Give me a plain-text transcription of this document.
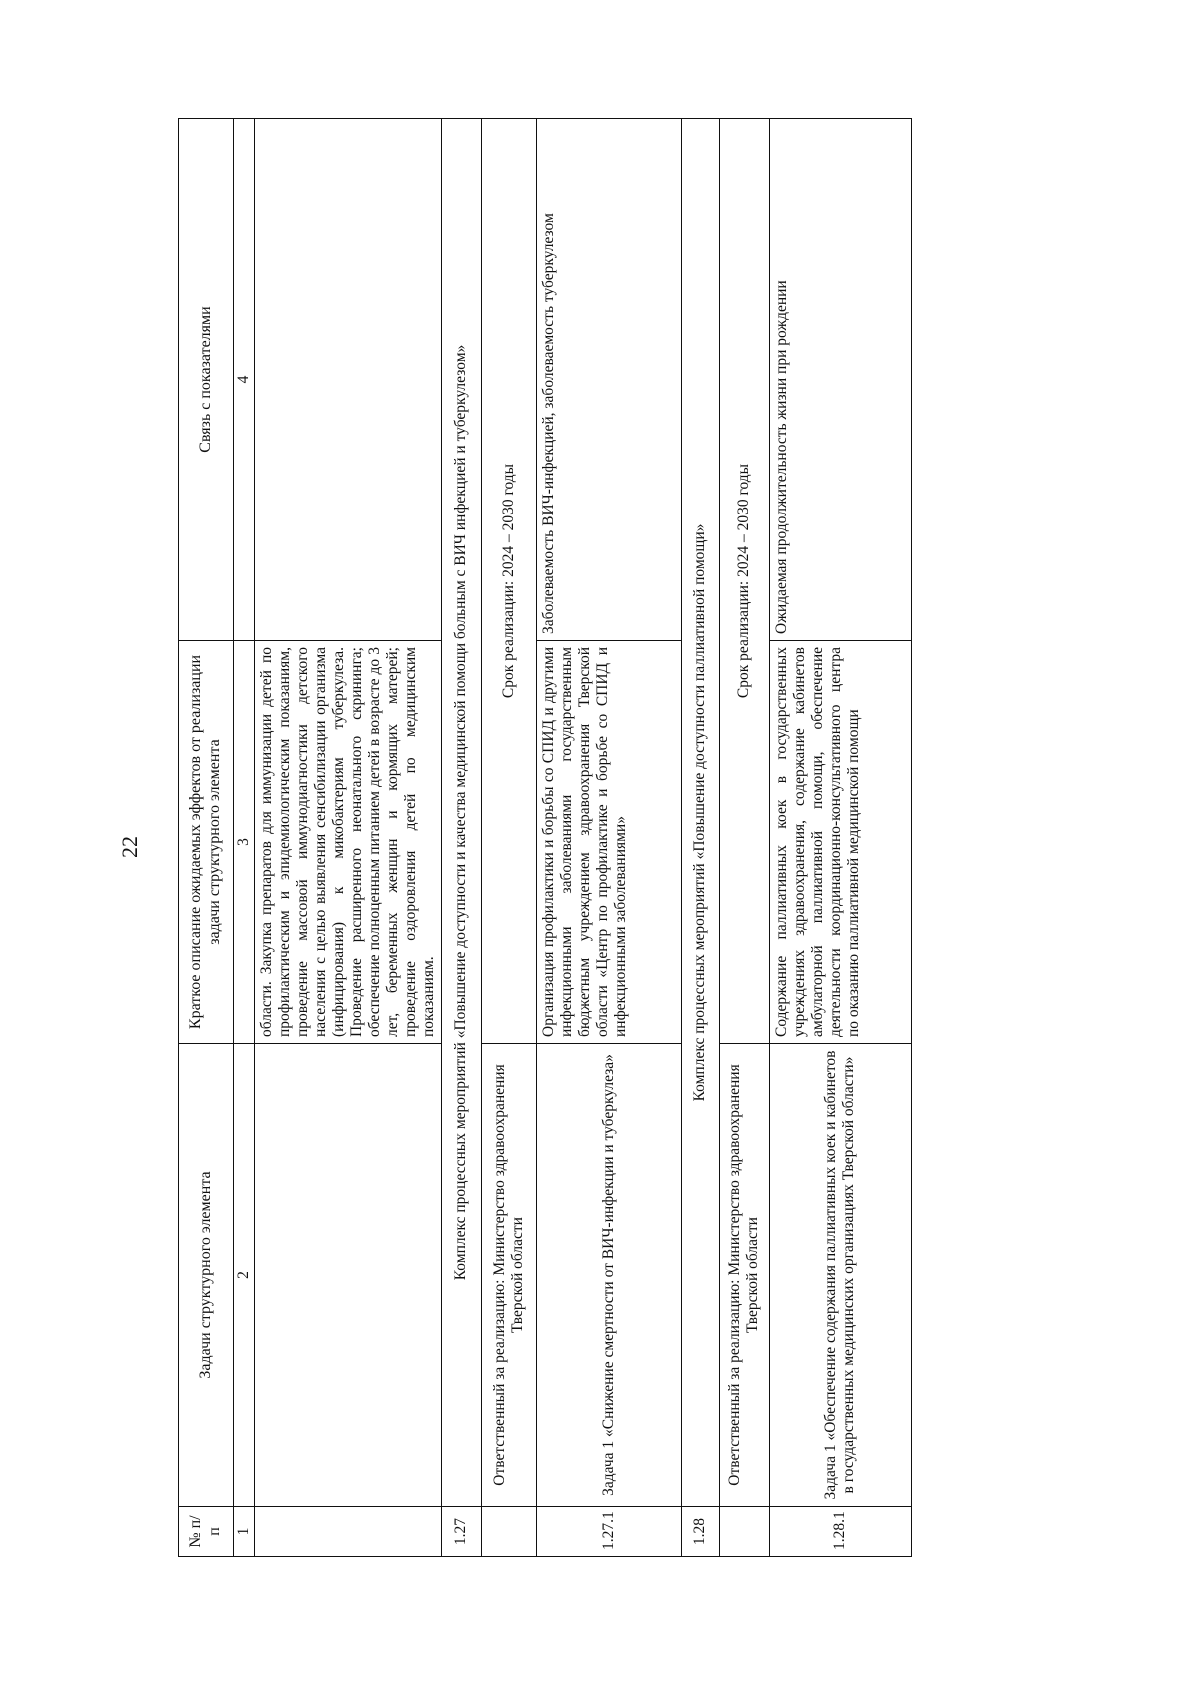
22
№ п/п	Задачи структурного элемента	Краткое описание ожидаемых эффектов от реализации задачи структурного элемента	Связь с показателями
1	2	3	4
		области. Закупка препаратов для иммунизации детей по профилактическим и эпидемиологическим показаниям, проведение массовой иммунодиагностики детского населения с целью выявления сенсибилизации организма (инфицирования) к микобактериям туберкулеза. Проведение расширенного неонатального скрининга; обеспечение полноценным питанием детей в возрасте до 3 лет, беременных женщин и кормящих матерей; проведение оздоровления детей по медицинским показаниям.	
1.27	Комплекс процессных мероприятий «Повышение доступности и качества медицинской помощи больным с ВИЧ инфекцией и туберкулезом»		
	Ответственный за реализацию: Министерство здравоохранения Тверской области	Срок реализации: 2024 – 2030 годы	
1.27.1	Задача 1 «Снижение смертности от ВИЧ-инфекции и туберкулеза»	Организация профилактики и борьбы со СПИД и другими инфекционными заболеваниями государственным бюджетным учреждением здравоохранения Тверской области «Центр по профилактике и борьбе со СПИД и инфекционными заболеваниями»	Заболеваемость ВИЧ-инфекцией, заболеваемость туберкулезом
1.28	Комплекс процессных мероприятий «Повышение доступности паллиативной помощи»		
	Ответственный за реализацию: Министерство здравоохранения Тверской области	Срок реализации: 2024 – 2030 годы	
1.28.1	Задача 1 «Обеспечение содержания паллиативных коек и кабинетов в государственных медицинских организациях Тверской области»	Содержание паллиативных коек в государственных учреждениях здравоохранения, содержание кабинетов амбулаторной паллиативной помощи, обеспечение деятельности координационно-консультативного центра по оказанию паллиативной медицинской помощи	Ожидаемая продолжительность жизни при рождении
